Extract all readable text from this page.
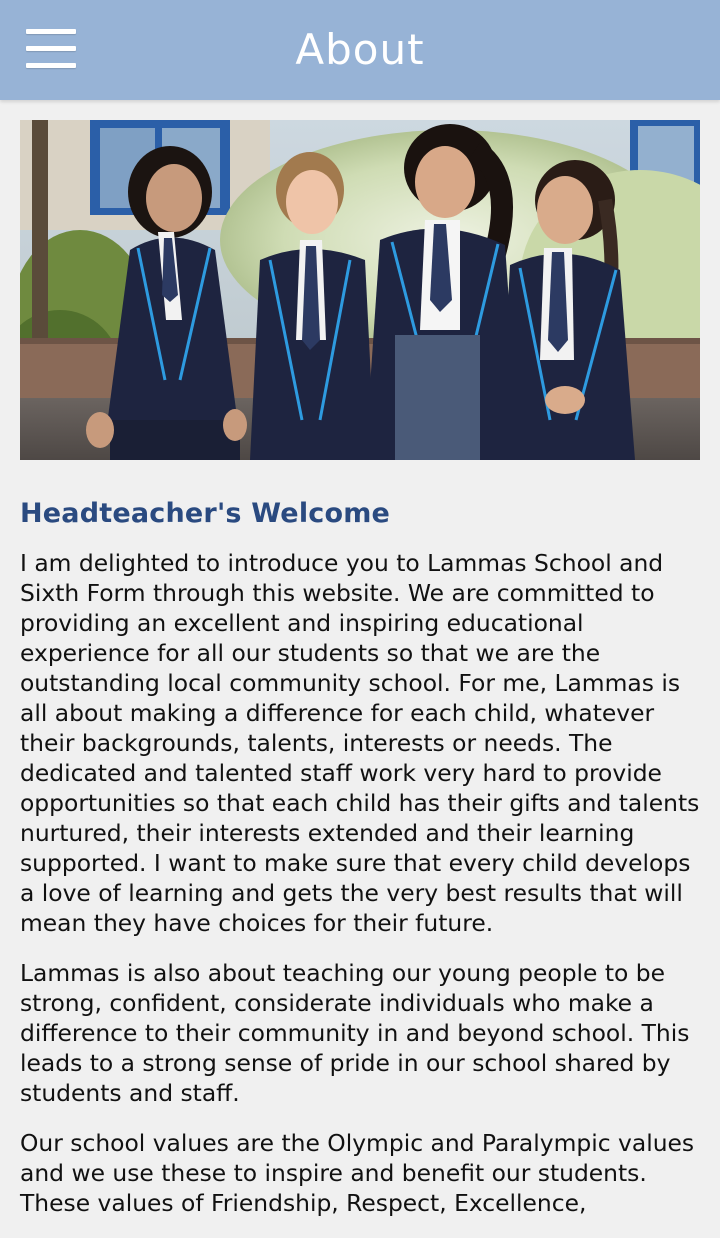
About
Headteacher's Welcome

I am delighted to introduce you to Lammas School and Sixth Form through this website. We are committed to providing an excellent and inspiring educational experience for all our students so that we are the outstanding local community school. For me, Lammas is all about making a difference for each child, whatever their backgrounds, talents, interests or needs. The dedicated and talented staff work very hard to provide opportunities so that each child has their gifts and talents nurtured, their interests extended and their learning supported. I want to make sure that every child develops a love of learning and gets the very best results that will mean they have choices for their future.

Lammas is also about teaching our young people to be strong, confident, considerate individuals who make a difference to their community in and beyond school. This leads to a strong sense of pride in our school shared by students and staff.

Our school values are the Olympic and Paralympic values and we use these to inspire and benefit our students. These values of Friendship, Respect, Excellence,
